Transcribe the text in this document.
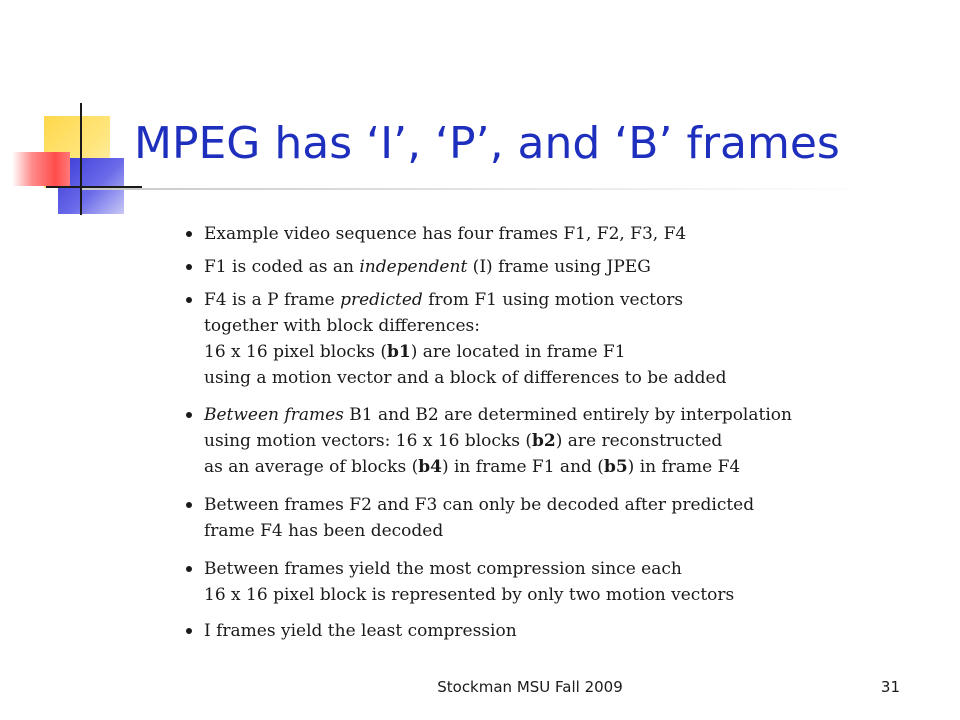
MPEG has ‘I’, ‘P’, and ‘B’ frames
Example video sequence has four frames F1, F2, F3, F4
F1 is coded as an independent (I) frame using JPEG
F4 is a P frame predicted from F1 using motion vectors
together with block differences:
16 x 16 pixel blocks (b1) are located in frame F1
using a motion vector and a block of differences to be added
Between frames B1 and B2 are determined entirely by interpolation
using motion vectors: 16 x 16 blocks (b2) are reconstructed
as an average of blocks (b4) in frame F1 and (b5) in frame F4
Between frames F2 and F3 can only be decoded after predicted
frame F4 has been decoded
Between frames yield the most compression since each
16 x 16 pixel block is represented by only two motion vectors
I frames yield the least compression
Stockman MSU Fall 2009	31
